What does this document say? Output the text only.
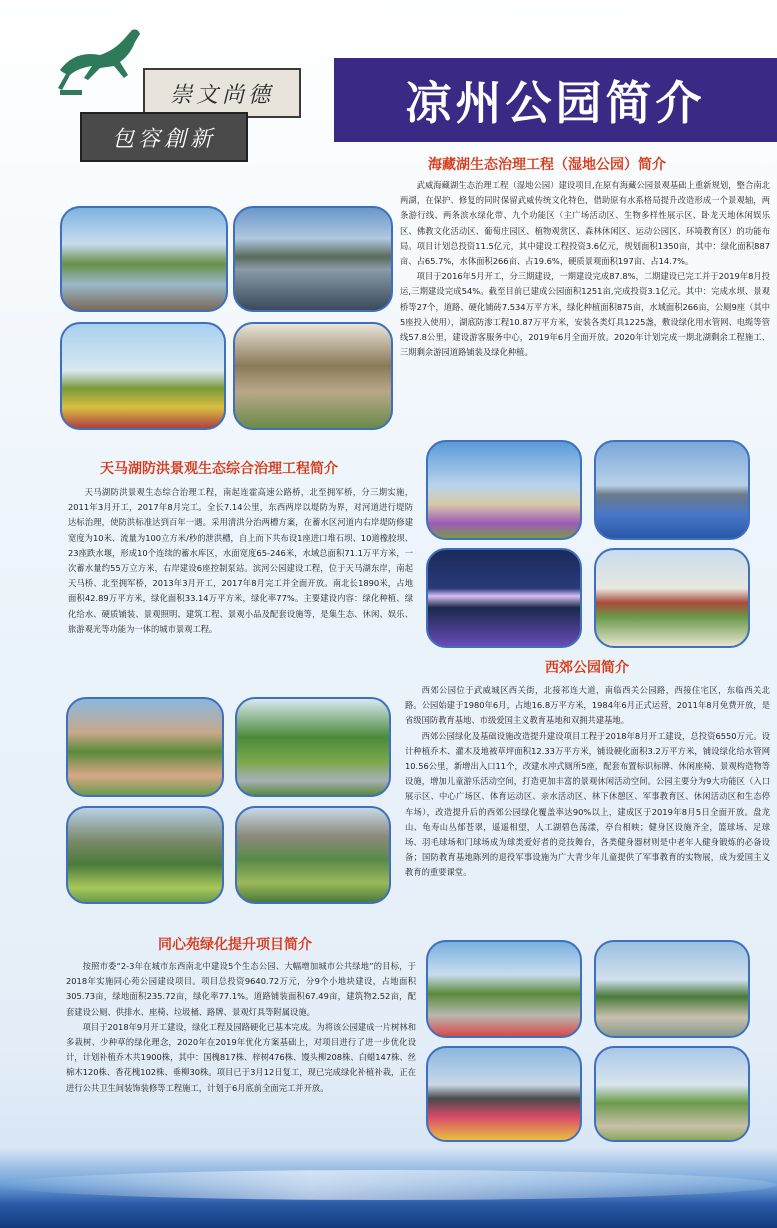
崇文尚德
包容創新
凉州公园简介
海藏湖生态治理工程（湿地公园）简介

武威海藏湖生态治理工程（湿地公园）建设项目,在原有海藏公园景观基础上重新规划，整合南北两湖，在保护、修复的同时保留武威传统文化特色，借助原有水系格局提升改造形成一个景观轴，两条游行线、两条滨水绿化带、九个功能区（主广场活动区、生物多样性展示区、卧龙天地休闲娱乐区、佛教文化活动区、葡萄庄园区、植物观赏区、森林休闲区、运动公园区、环境教育区）的功能布局。项目计划总投资11.5亿元，其中建设工程投资3.6亿元，规划面积1350亩，其中：绿化面积887亩、占65.7%，水体面积266亩、占19.6%，硬质景观面积197亩、占14.7%。

项目于2016年5月开工，分三期建设，一期建设完成87.8%，二期建设已完工并于2019年8月投运,三期建设完成54%。截至目前已建成公园面积1251亩,完成投资3.1亿元。其中：完成水坝、景观桥等27个，道路、硬化铺砖7.534万平方米，绿化种植面积875亩，水域面积266亩，公厕9座（其中5座投入使用），湖底防渗工程10.87万平方米，安装各类灯具1225盏，敷设绿化用水管网、电缆等管线57.8公里，建设游客服务中心，2019年6月全面开放。2020年计划完成一期北湖剩余工程施工、三期剩余游园道路铺装及绿化种植。

天马湖防洪景观生态综合治理工程简介

天马湖防洪景观生态综合治理工程，南起连霍高速公路桥，北至拥军桥，分三期实施，2011年3月开工，2017年8月完工。全长7.14公里，东西两岸以堤防为界，对河道进行堤防达标治理，使防洪标准达到百年一遇。采用清洪分治两槽方案，在蓄水区河道内右岸堤防修建宽度为10米、流量为100立方米/秒的泄洪槽，自上而下共布设1座进口堆石坝、10道橡胶坝、23座跌水堰，形成10个连续的蓄水库区，水面宽度65-246米，水域总面积71.1万平方米，一次蓄水量约55万立方米，右岸建设6座控制泵站。滨河公园建设工程，位于天马湖东岸，南起天马桥、北至拥军桥，2013年3月开工，2017年8月完工并全面开放。南北长1890米，占地面积42.89万平方米，绿化面积33.14万平方米，绿化率77%。主要建设内容：绿化种植、绿化给水、硬质铺装、景观照明、建筑工程、景观小品及配套设施等，是集生态、休闲、娱乐、旅游观光等功能为一体的城市景观工程。

西郊公园简介

西郊公园位于武威城区西关街，北接祁连大道，南临西关公园路，西接住宅区，东临西关北路。公园始建于1980年6月，占地16.8万平方米，1984年6月正式运营，2011年8月免费开放，是省级国防教育基地、市级爱国主义教育基地和双拥共建基地。

西郊公园绿化及基础设施改造提升建设项目工程于2018年8月开工建设，总投资6550万元。设计种植乔木、灌木及地被草坪面积12.33万平方米，铺设硬化面积3.2万平方米，铺设绿化给水管网10.56公里，新增出入口11个，改建水冲式厕所5座，配套布置标识标牌、休闲座椅、景观构造物等设施，增加儿童游乐活动空间，打造更加丰富的景观休闲活动空间。公园主要分为9大功能区（入口展示区、中心广场区、体育运动区、亲水活动区、林下休憩区、军事教育区、休闲活动区和生态停车场），改造提升后的西郊公园绿化覆盖率达90%以上，建成区于2019年8月5日全面开放。盘龙山、龟寿山丛郁苍翠，遥遥相望，人工湖碧色荡漾，亭台相映；健身区设施齐全，篮球场、足球场、羽毛球场和门球场成为球类爱好者的竞技舞台，各类健身器材则是中老年人健身锻炼的必备设备；国防教育基地陈列的退役军事设施为广大青少年儿童提供了军事教育的实物展，成为爱国主义教育的重要课堂。

同心苑绿化提升项目简介

按照市委“2-3年在城市东西南北中建设5个生态公园、大幅增加城市公共绿地”的目标，于2018年实施同心苑公园建设项目。项目总投资9640.72万元，分9个小地块建设，占地面积305.73亩，绿地面积235.72亩，绿化率77.1%。道路铺装面积67.49亩，建筑物2.52亩，配套建设公厕、供排水、座椅、垃圾桶、路牌、景观灯具等附属设施。

项目于2018年9月开工建设，绿化工程及园路硬化已基本完成。为将该公园建成一片树林和多栽树、少种草的绿化理念，2020年在2019年优化方案基础上，对项目进行了进一步优化设计，计划补植乔木共1900株，其中：国槐817株、梓树476株、馒头柳208株、白蜡147株、丝棉木120株、香花槐102株、垂柳30株。项目已于3月12日复工，现已完成绿化补植补栽，正在进行公共卫生间装饰装修等工程施工，计划于6月底前全面完工并开放。
